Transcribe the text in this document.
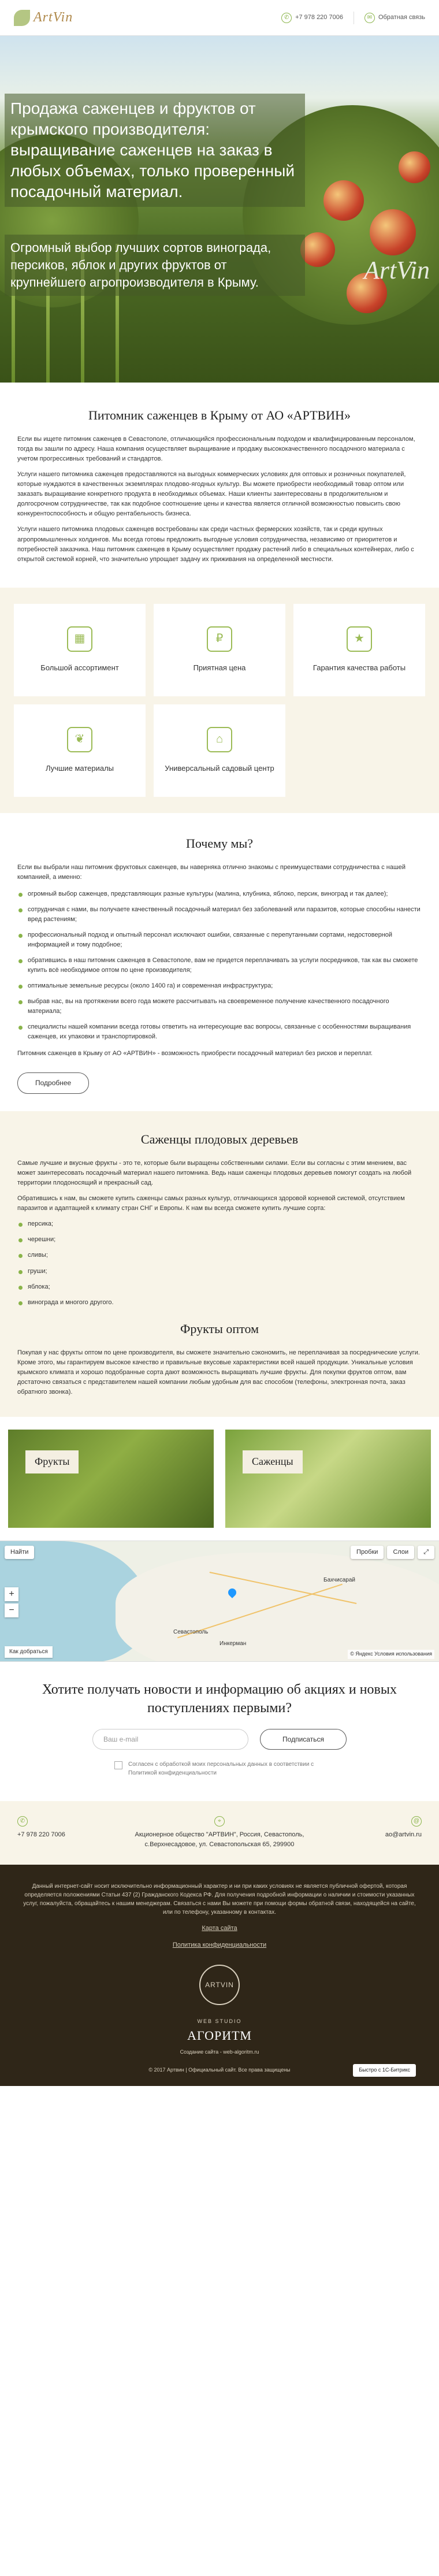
ArtVin	✆ +7 978 220 7006	✉ Обратная связь
Продажа саженцев и фруктов от крымского производителя: выращивание саженцев на заказ в любых объемах, только проверенный посадочный материал.
Огромный выбор лучших сортов винограда, персиков, яблок и других фруктов от крупнейшего агропроизводителя в Крыму.	ArtVin
Питомник саженцев в Крыму от АО «АРТВИН»

Если вы ищете питомник саженцев в Севастополе, отличающийся профессиональным подходом и квалифицированным персоналом, тогда вы зашли по адресу. Наша компания осуществляет выращивание и продажу высококачественного посадочного материала с учетом прогрессивных требований и стандартов.

Услуги нашего питомника саженцев предоставляются на выгодных коммерческих условиях для оптовых и розничных покупателей, которые нуждаются в качественных экземплярах плодово-ягодных культур. Вы можете приобрести необходимый товар оптом или заказать выращивание конкретного продукта в необходимых объемах. Наши клиенты заинтересованы в продолжительном и долгосрочном сотрудничестве, так как подобное соотношение цены и качества является отличной возможностью повысить свою конкурентоспособность и общую рентабельность бизнеса.

Услуги нашего питомника плодовых саженцев востребованы как среди частных фермерских хозяйств, так и среди крупных агропромышленных холдингов. Мы всегда готовы предложить выгодные условия сотрудничества, независимо от приоритетов и потребностей заказчика. Наш питомник саженцев в Крыму осуществляет продажу растений либо в специальных контейнерах, либо с открытой системой корней, что значительно упрощает задачу их приживания на определенной местности.

▦
Большой ассортимент
₽
Приятная цена
★
Гарантия качества работы
❦
Лучшие материалы
⌂
Универсальный садовый центр
Почему мы?

Если вы выбрали наш питомник фруктовых саженцев, вы наверняка отлично знакомы с преимуществами сотрудничества с нашей компанией, а именно:

огромный выбор саженцев, представляющих разные культуры (малина, клубника, яблоко, персик, виноград и так далее);
сотрудничая с нами, вы получаете качественный посадочный материал без заболеваний или паразитов, которые способны нанести вред растениям;
профессиональный подход и опытный персонал исключают ошибки, связанные с перепутанными сортами, недостоверной информацией и тому подобное;
обратившись в наш питомник саженцев в Севастополе, вам не придется переплачивать за услуги посредников, так как вы сможете купить всё необходимое оптом по цене производителя;
оптимальные земельные ресурсы (около 1400 га) и современная инфраструктура;
выбрав нас, вы на протяжении всего года можете рассчитывать на своевременное получение качественного посадочного материала;
специалисты нашей компании всегда готовы ответить на интересующие вас вопросы, связанные с особенностями выращивания саженцев, их упаковки и транспортировкой.

Питомник саженцев в Крыму от АО «АРТВИН» - возможность приобрести посадочный материал без рисков и переплат.

Подробнее
Саженцы плодовых деревьев

Самые лучшие и вкусные фрукты - это те, которые были выращены собственными силами. Если вы согласны с этим мнением, вас может заинтересовать посадочный материал нашего питомника. Ведь наши саженцы плодовых деревьев помогут создать на любой территории плодоносящий и прекрасный сад.

Обратившись к нам, вы сможете купить саженцы самых разных культур, отличающихся здоровой корневой системой, отсутствием паразитов и адаптацией к климату стран СНГ и Европы. К нам вы всегда сможете купить лучшие сорта:

персика;
черешни;
сливы;
груши;
яблока;
винограда и многого другого.
Фрукты оптом

Покупая у нас фрукты оптом по цене производителя, вы сможете значительно сэкономить, не переплачивая за посреднические услуги. Кроме этого, мы гарантируем высокое качество и правильные вкусовые характеристики всей нашей продукции. Уникальные условия крымского климата и хорошо подобранные сорта дают возможность выращивать лучшие фрукты. Для покупки фруктов оптом, вам достаточно связаться с представителем нашей компании любым удобным для вас способом (телефоны, электронная почта, заказ обратного звонка).

Фрукты	Саженцы
Севастополь
Бахчисарай
Инкерман
Найти	Пробки	Слои	⤢
+
−
Как добраться	© Яндекс Условия использования
Хотите получать новости и информацию об акциях и новых поступлениях первыми?
Ваш e-mail	Подписаться
Согласен с обработкой моих персональных данных в соответствии с Политикой конфиденциальности
✆
+7 978 220 7006
⌖
Акционерное общество "АРТВИН", Россия, Севастополь, с.Верхнесадовое, ул. Севастопольская 65, 299900
@
ao@artvin.ru

Данный интернет-сайт носит исключительно информационный характер и ни при каких условиях не является публичной офертой, которая определяется положениями Статьи 437 (2) Гражданского Кодекса РФ. Для получения подробной информации о наличии и стоимости указанных услуг, пожалуйста, обращайтесь к нашим менеджерам. Связаться с нами Вы можете при помощи формы обратной связи, находящейся на сайте, или по телефону, указанному в контактах.

Карта сайта
Политика конфиденциальности
ARTVIN
WEB STUDIO
АГОРИТМ
Создание сайта - web-algoritm.ru
© 2017 Артвин | Официальный сайт. Все права защищены	Быстро с 1С-Битрикс
